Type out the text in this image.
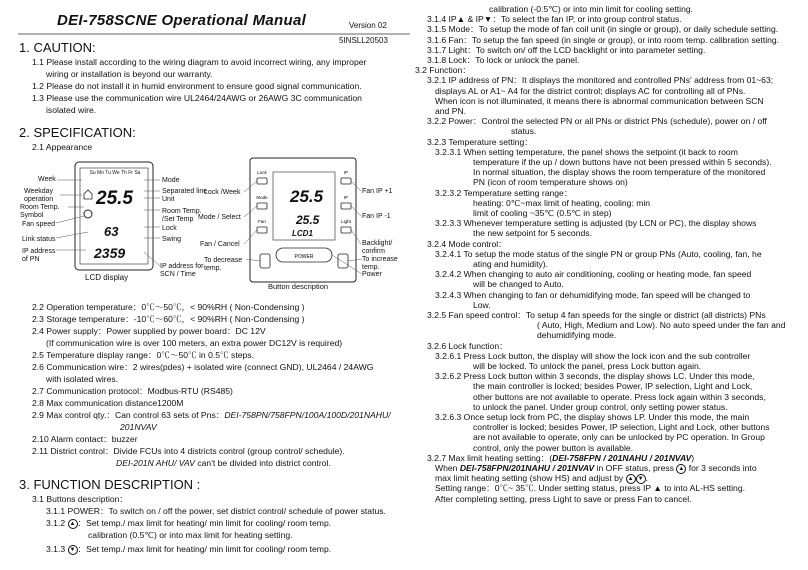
DEI-758SCNE Operational Manual	Version 02
5INSLL20503
1. CAUTION:
1.1 Please install according to the wiring diagram to avoid incorrect wiring, any improper
wiring or installation is beyond our warranty.
1.2 Please do not install it in humid environment to ensure good signal communication.
1.3 Please use the communication wire UL2464/24AWG or 26AWG 3C communication
isolated wire.
2. SPECIFICATION:
2.1 Appearance
Su Mo Tu We Th Fr Sa
25.5
63
2359
Week
Weekday operation
Room Temp. Symbol
Fan speed
Link status
IP address of PN
LCD display
Mode
Separated line
Unit
Room Temp. /Set Temp
Lock
Swing
IP address for SCN / Time
25.5
25.5
LCD1
Lock
Mode
Fan
IP
IP
Light
POWER
Lock /Week
Mode / Select
Fan / Cancel
To decrease temp.
Fan IP +1
Fan IP -1
Backlight/ confirm
To increase temp.
Power
Button description
2.2 Operation temperature：0℃～50℃，< 90%RH ( Non-Condensing )
2.3 Storage temperature：-10℃～60℃，< 90%RH ( Non-Condensing )
2.4 Power supply：Power supplied by power board：DC 12V
(If communication wire is over 100 meters, an extra power DC12V is required)
2.5 Temperature display range：0℃～50℃ in 0.5℃ steps.
2.6 Communication wire：2 wires(pdes) + isolated wire (connect GND), UL2464 / 24AWG
with isolated wires.
2.7 Communication protocol：Modbus-RTU (RS485)
2.8 Max communication distance1200M
2.9 Max control qty.：Can control 63 sets of Pns：DEI-758PN/758FPN/100A/100D/201NAHU/
201NVAV
2.10 Alarm contact：buzzer
2.11 District control：Divide FCUs into 4 districts control (group control/ schedule).
DEI-201N AHU/ VAV can't be divided into district control.
3. FUNCTION DESCRIPTION :
3.1 Buttons description：
3.1.1 POWER：To switch on / off the power, set district control/ schedule of power status.
3.1.2 ▲ ：Set temp./ max limit for heating/ min limit for cooling/ room temp.
calibration (0.5℃) or into max limit for heating setting.
3.1.3 ▼ ：Set temp./ max limit for heating/ min limit for cooling/ room temp.
calibration (-0.5℃) or into min limit for cooling setting.
3.1.4 IP▲ & IP▼：To select the fan IP, or into group control status.
3.1.5 Mode：To setup the mode of fan coil unit (in single or group), or daily schedule setting.
3.1.6 Fan：To setup the fan speed (in single or group), or into room temp. calibration setting.
3.1.7 Light：To switch on/ off the LCD backlight or into parameter setting.
3.1.8 Lock：To lock or unlock the panel.
3.2 Function：
3.2.1 IP address of PN：It displays the monitored and controlled PNs' address from 01~63;
displays AL or A1~ A4 for the district control; displays AC for controlling all of PNs.
When icon is not illuminated, it means there is abnormal communication between SCN
and PN.
3.2.2 Power：Control the selected PN or all PNs or district PNs (schedule), power on / off
status.
3.2.3 Temperature setting：
3.2.3.1 When setting temperature, the panel shows the setpoint (it back to room
temperature if the up / down buttons have not been pressed within 5 seconds).
In normal situation, the display shows the room temperature of the monitored
PN (icon of room temperature shows on)
3.2.3.2 Temperature setting range：
heating: 0℃~max limit of heating, cooling: min
limit of cooling ~35℃ (0.5℃ in step)
3.2.3.3 Whenever temperature setting is adjusted (by LCN or PC), the display shows
the new setpoint for 5 seconds.
3.2.4 Mode control：
3.2.4.1 To setup the mode status of the single PN or group PNs (Auto, cooling, fan, he
ating and humidity).
3.2.4.2 When changing to auto air conditioning, cooling or heating mode, fan speed
will be changed to Auto.
3.2.4.3 When changing to fan or dehumidifying mode, fan speed will be changed to
Low.
3.2.5 Fan speed control：To setup 4 fan speeds for the single or district (all districts) PNs
( Auto, High, Medium and Low). No auto speed under the fan and
dehumidifying mode.
3.2.6 Lock function：
3.2.6.1 Press Lock button, the display will show the lock icon and the sub controller
will be locked. To unlock the panel, press Lock button again.
3.2.6.2 Press Lock button within 3 seconds, the display shows LC. Under this mode,
the main controller is locked; besides Power, IP selection, Light and Lock,
other buttons are not available to operate. Press lock again within 3 seconds,
to unlock the panel. Under group control, only setting power status.
3.2.6.3 Once setup lock from PC, the display shows LP. Under this mode, the main
controller is locked; besides Power, IP selection, Light and Lock, other buttons
are not available to operate, only can be unlocked by PC operation. In Group
control, only the power button is available.
3.2.7 Max limit heating setting：(DEI-758FPN / 201NAHU / 201NVAV)
When DEI-758FPN/201NAHU / 201NVAV in OFF status, press ▲ for 3 seconds into
max limit heating setting (show HS) and adjust by ▲ ▼ .
Setting range：0℃~ 35℃. Under setting status, press IP ▲ to into AL-HS setting.
After completing setting, press Light to save or press Fan to cancel.
